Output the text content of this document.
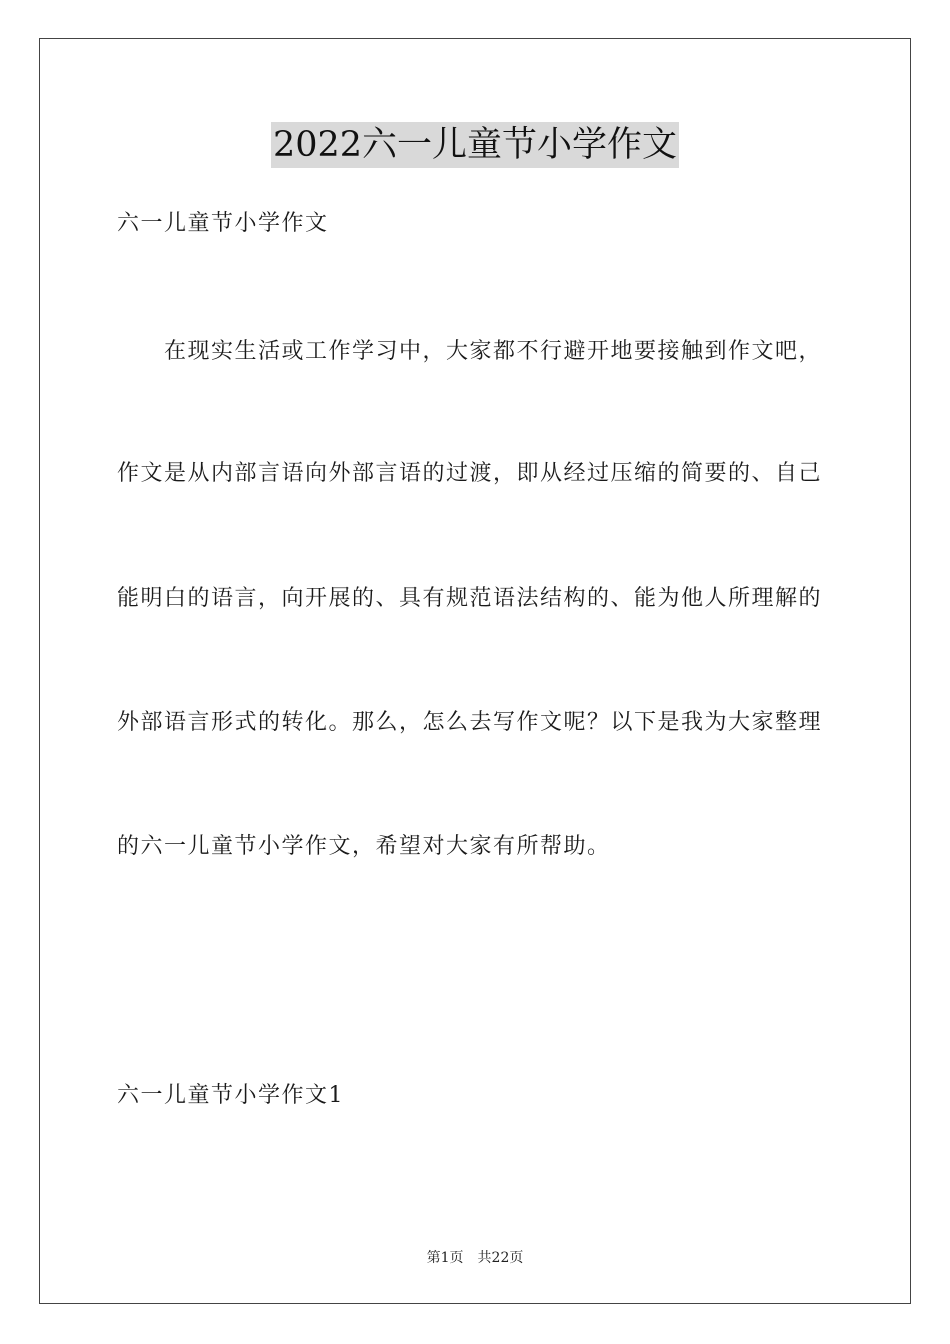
2022六一儿童节小学作文
六一儿童节小学作文
　　在现实生活或工作学习中，大家都不行避开地要接触到作文吧，
作文是从内部言语向外部言语的过渡，即从经过压缩的简要的、自己
能明白的语言，向开展的、具有规范语法结构的、能为他人所理解的
外部语言形式的转化。那么，怎么去写作文呢？以下是我为大家整理
的六一儿童节小学作文，希望对大家有所帮助。
六一儿童节小学作文1
第1页　共22页
